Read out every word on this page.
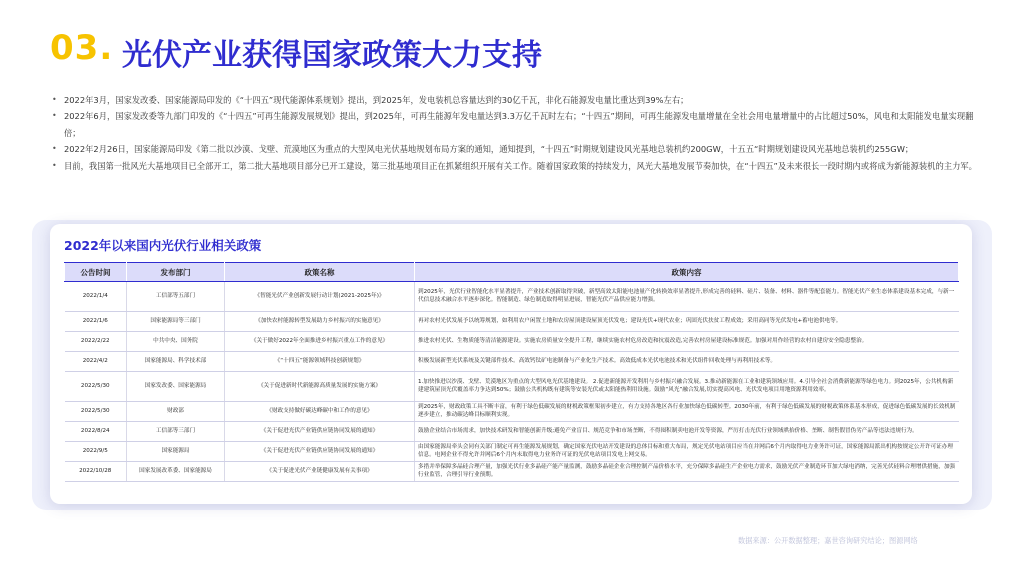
03. 光伏产业获得国家政策大力支持
• 2022年3月，国家发改委、国家能源局印发的《“十四五”现代能源体系规划》提出，到2025年，发电装机总容量达到约30亿千瓦，非化石能源发电量比重达到39%左右；
• 2022年6月，国家发改委等九部门印发的《“十四五”可再生能源发展规划》提出，到2025年，可再生能源年发电量达到3.3万亿千瓦时左右；“十四五”期间，可再生能源发电量增量在全社会用电量增量中的占比超过50%，风电和太阳能发电量实现翻倍；
• 2022年2月26日，国家能源局印发《第二批以沙漠、戈壁、荒漠地区为重点的大型风电光伏基地规划布局方案的通知，通知提到，“十四五”时期规划建设风光基地总装机约200GW，十五五“时期规划建设风光基地总装机约255GW；
• 目前，我国第一批风光大基地项目已全部开工，第二批大基地项目部分已开工建设，第三批基地项目正在抓紧组织开展有关工作。随着国家政策的持续发力，风光大基地发展节奏加快，在“十四五”及未来很长一段时期内或将成为新能源装机的主力军。
2022年以来国内光伏行业相关政策
公告时间	发布部门	政策名称	政策内容
2022/1/4	工信部等五部门	《智能光伏产业创新发展行动计划(2021-2025年)》	到2025年，光伏行业智能化水平显著提升，产业技术创新取得突破，新型高效太阳能电池量产化转换效率显著提升,形成完善的硅料、硅片、装备、材料、器件等配套能力。智能光伏产业生态体系建设基本完成，与新一代信息技术融合水平逐步深化。智能制造、绿色制造取得明显进展，智能光伏产品供应能力增强。
2022/1/6	国家能源局等三部门	《加快农村能源转型发展助力乡村振兴的实施意见》	再对农村光伏发展予以统筹规划，如利用农户闲置土地和农房屋顶建设屋顶光伏发电；建设光伏+现代农业；巩固光伏扶贫工程成效；采用高同等光伏发电+蓄电池供电等。
2022/2/22	中共中央、国务院	《关于做好2022年全面推进乡村振兴重点工作的意见》	推进农村光伏、生物质能等清洁能源建设。实施农房质量安全提升工程，继续实施农村危房改造和抗震改造,完善农村房屋建设标准规范。加强对用作经营的农村自建房安全隐患整治。
2022/4/2	国家能源局、科学技术部	《“十四五”能源领域科技创新规划》	积极发展新型光伏系统及关键部件技术。高效钙钛矿电池制备与产业化生产技术。高效低成本光伏电池技术和光伏组件回收处理与再利用技术等。
2022/5/30	国家发改委、国家能源局	《关于促进新时代新能源高质量发展的实施方案》	1.加快推进以沙漠、戈壁、荒漠地区为重点的大型风电光伏基地建设。 2.促进新能源开发利用与乡村振兴融合发展。3.推动新能源在工业和建筑领域应用。4.引导全社会消费新能源等绿色电力。到2025年，公共机构新建建筑屋顶光伏覆盖率力争达到50%；鼓励公共机构既有建筑等安装光伏或太阳能热利用设施。鼓励“风光”融合发展,切实提高风电、光伏发电项目用地资源利用效率。
2022/5/30	财政部	《财政支持做好碳达峰碳中和工作的意见》	到2025年，财政政策工具不断丰富，有利于绿色低碳发展的财税政策框架初步建立，有力支持各地区各行业加快绿色低碳转型。2030年前，有利于绿色低碳发展的财税政策体系基本形成，促进绿色低碳发展的长效机制逐步建立，推动碳达峰目标顺利实现。
2022/8/24	工信部等三部门	《关于促进光伏产业链供应链协同发展的通知》	鼓励企业结合市场需求，加快技术研发和智能创新升级;避免产业盲目、规范竞争和市场垄断，不得囤积制卖电池开发等资源，严厉打击光伏行业领域哄抬价格、垄断、制售假冒伪劣产品等违法违规行为。
2022/9/5	国家能源局	《关于促进光伏产业链供应链协同发展的通知》	由国家能源局牵头会同有关部门制定可再生能源发展规划，确定国家光伏电站开发建设的总体目标和重大布局，规定光伏电站项目应当在并网后6个月内取得电力业务许可证，国家能源局派出机构按规定公开许可证办理信息。电网企业不得允许并网后6个月内未取得电力业务许可证的光伏电站项目发电上网交易。
2022/10/28	国家发展改革委、国家能源局	《关于促进光伏产业链健康发展有关事项》	多措并举保障多晶硅合理产量，加强光伏行业多晶硅产能产量监测，鼓励多晶硅企业合理控制产品价格水平，充分保障多晶硅生产企业电力需求，鼓励光伏产业制造环节加大绿电消纳，完善光伏硅料合理增供措施，加强行业监管，合理引导行业预期。
数据来源：公开数据整理；嘉世咨询研究结论；图源网络
